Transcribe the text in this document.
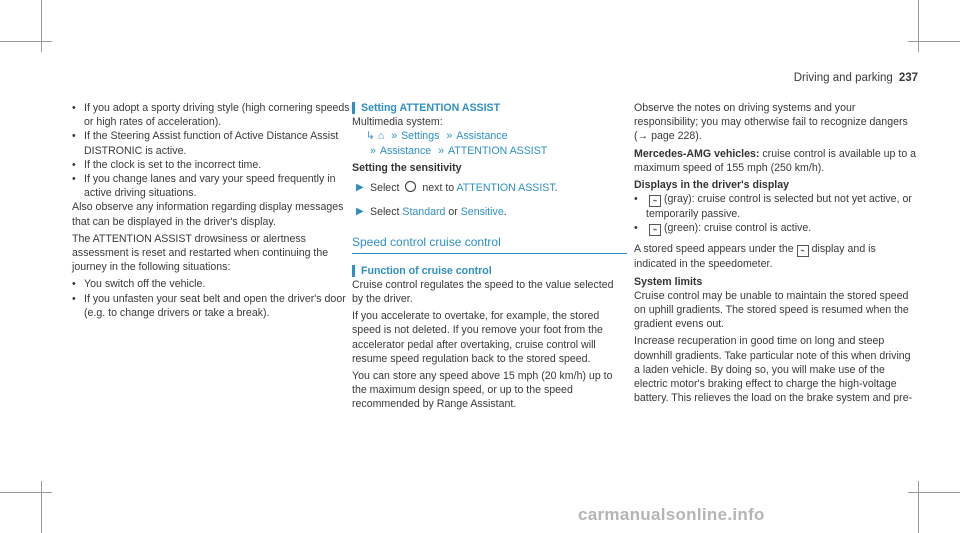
Driving and parking 237

• If you adopt a sporty driving style (high cornering speeds or high rates of acceleration).

• If the Steering Assist function of Active Distance Assist DISTRONIC is active.

• If the clock is set to the incorrect time.

• If you change lanes and vary your speed frequently in active driving situations.

Also observe any information regarding display messages that can be displayed in the driver's display.

The ATTENTION ASSIST drowsiness or alertness assessment is reset and restarted when continuing the journey in the following situations:

• You switch off the vehicle.

• If you unfasten your seat belt and open the driver's door (e.g. to change drivers or take a break).

Setting ATTENTION ASSIST

Multimedia system:

↳ ⌂ » Settings » Assistance
» Assistance » ATTENTION ASSIST

Setting the sensitivity

▶ Select next to ATTENTION ASSIST.

▶ Select Standard or Sensitive.

Speed control cruise control
Function of cruise control

Cruise control regulates the speed to the value selected by the driver.

If you accelerate to overtake, for example, the stored speed is not deleted. If you remove your foot from the accelerator pedal after overtaking, cruise control will resume speed regulation back to the stored speed.

You can store any speed above 15 mph (20 km/h) up to the maximum design speed, or up to the speed recommended by Range Assistant.

Observe the notes on driving systems and your responsibility; you may otherwise fail to recognize dangers (→ page 228).

Mercedes-AMG vehicles: cruise control is available up to a maximum speed of 155 mph (250 km/h).

Displays in the driver's display

• ⌁ (gray): cruise control is selected but not yet active, or temporarily passive.

• ⌁ (green): cruise control is active.

A stored speed appears under the ⌁ display and is indicated in the speedometer.

System limits

Cruise control may be unable to maintain the stored speed on uphill gradients. The stored speed is resumed when the gradient evens out.

Increase recuperation in good time on long and steep downhill gradients. Take particular note of this when driving a laden vehicle. By doing so, you will make use of the electric motor's braking effect to charge the high-voltage battery. This relieves the load on the brake system and pre-

carmanualsonline.info
